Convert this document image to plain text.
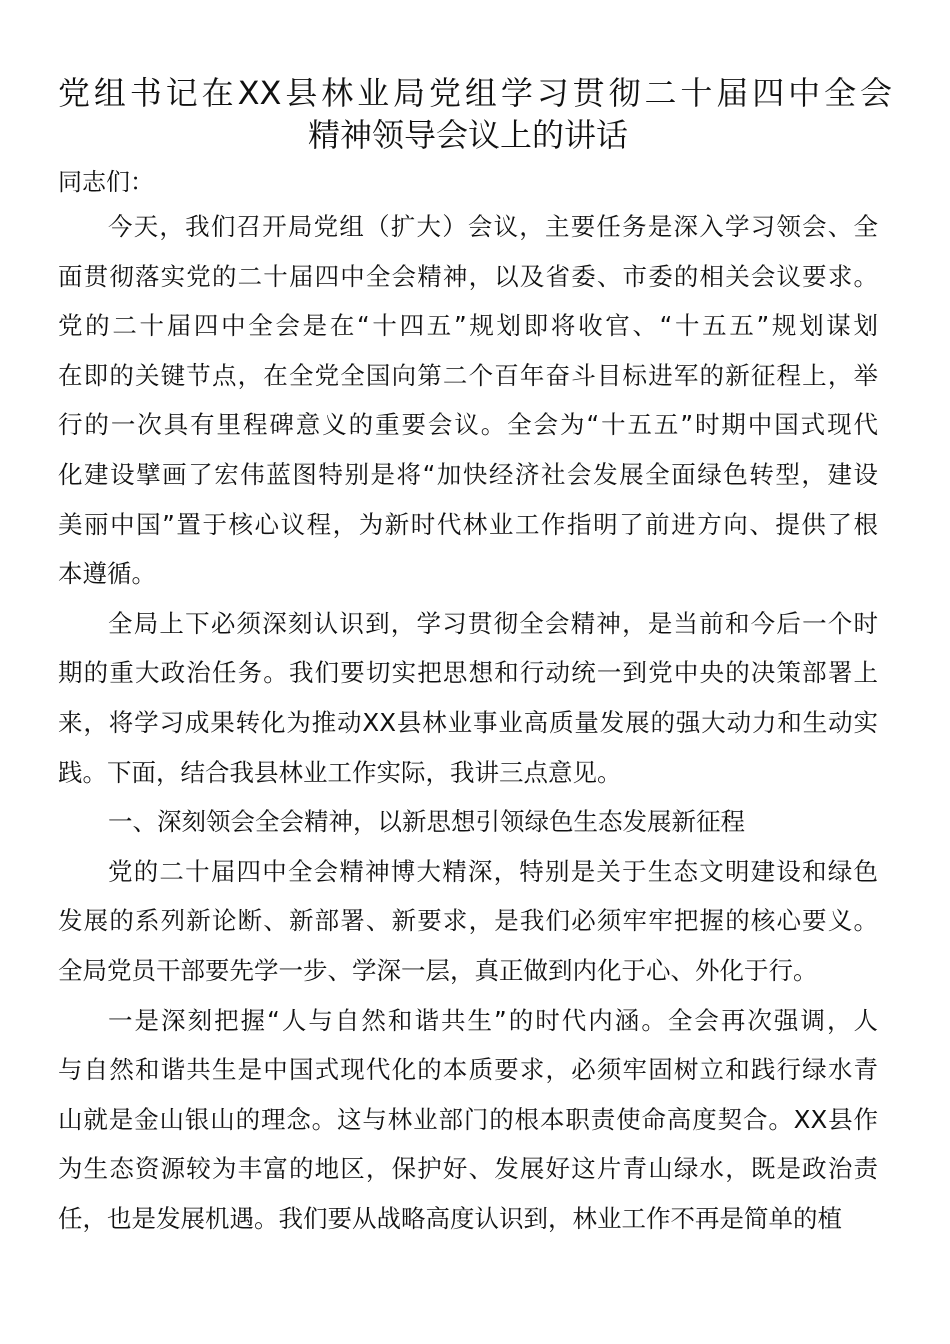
党组书记在XX县林业局党组学习贯彻二十届四中全会
精神领导会议上的讲话
同志们：
今天，我们召开局党组（扩大）会议，主要任务是深入学习领会、全
面贯彻落实党的二十届四中全会精神，以及省委、市委的相关会议要求。
党的二十届四中全会是在“十四五”规划即将收官、“十五五”规划谋划
在即的关键节点，在全党全国向第二个百年奋斗目标进军的新征程上，举
行的一次具有里程碑意义的重要会议。全会为“十五五”时期中国式现代
化建设擘画了宏伟蓝图特别是将“加快经济社会发展全面绿色转型，建设
美丽中国”置于核心议程，为新时代林业工作指明了前进方向、提供了根
本遵循。
全局上下必须深刻认识到，学习贯彻全会精神，是当前和今后一个时
期的重大政治任务。我们要切实把思想和行动统一到党中央的决策部署上
来，将学习成果转化为推动XX县林业事业高质量发展的强大动力和生动实
践。下面，结合我县林业工作实际，我讲三点意见。
一、深刻领会全会精神，以新思想引领绿色生态发展新征程
党的二十届四中全会精神博大精深，特别是关于生态文明建设和绿色
发展的系列新论断、新部署、新要求，是我们必须牢牢把握的核心要义。
全局党员干部要先学一步、学深一层，真正做到内化于心、外化于行。
一是深刻把握“人与自然和谐共生”的时代内涵。全会再次强调，人
与自然和谐共生是中国式现代化的本质要求，必须牢固树立和践行绿水青
山就是金山银山的理念。这与林业部门的根本职责使命高度契合。XX县作
为生态资源较为丰富的地区，保护好、发展好这片青山绿水，既是政治责
任，也是发展机遇。我们要从战略高度认识到，林业工作不再是简单的植
